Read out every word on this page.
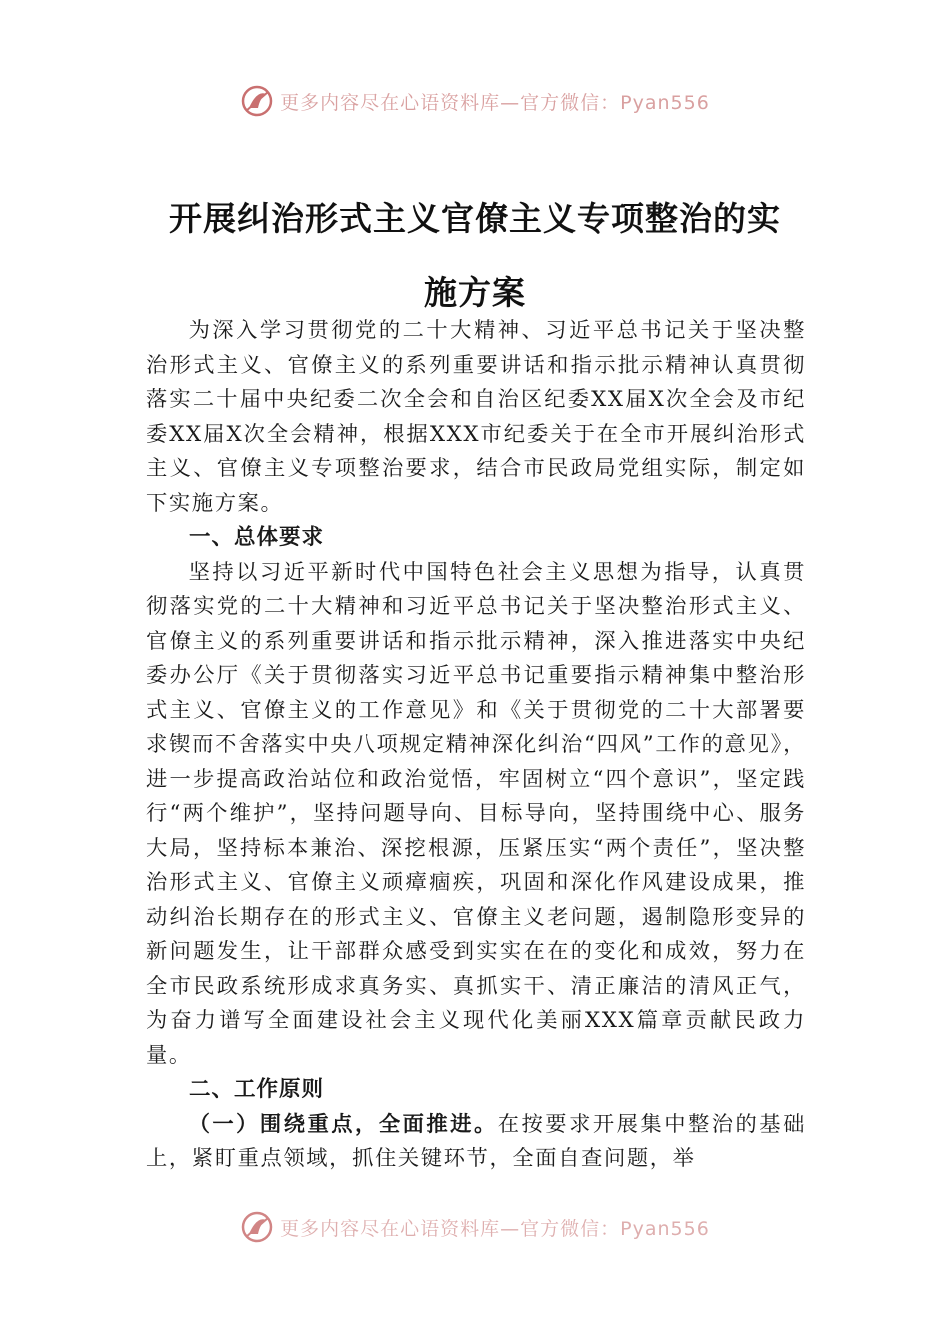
更多内容尽在心语资料库—官方微信：Pyan556
开展纠治形式主义官僚主义专项整治的实
施方案

为深入学习贯彻党的二十大精神、习近平总书记关于坚决整治形式主义、官僚主义的系列重要讲话和指示批示精神认真贯彻落实二十届中央纪委二次全会和自治区纪委XX届X次全会及市纪委XX届X次全会精神，根据XXX市纪委关于在全市开展纠治形式主义、官僚主义专项整治要求，结合市民政局党组实际，制定如下实施方案。

一、总体要求

坚持以习近平新时代中国特色社会主义思想为指导，认真贯彻落实党的二十大精神和习近平总书记关于坚决整治形式主义、官僚主义的系列重要讲话和指示批示精神，深入推进落实中央纪委办公厅《关于贯彻落实习近平总书记重要指示精神集中整治形式主义、官僚主义的工作意见》和《关于贯彻党的二十大部署要求锲而不舍落实中央八项规定精神深化纠治“四风”工作的意见》，进一步提高政治站位和政治觉悟，牢固树立“四个意识”，坚定践行“两个维护”，坚持问题导向、目标导向，坚持围绕中心、服务大局，坚持标本兼治、深挖根源，压紧压实“两个责任”，坚决整治形式主义、官僚主义顽瘴痼疾，巩固和深化作风建设成果，推动纠治长期存在的形式主义、官僚主义老问题，遏制隐形变异的新问题发生，让干部群众感受到实实在在的变化和成效，努力在全市民政系统形成求真务实、真抓实干、清正廉洁的清风正气，为奋力谱写全面建设社会主义现代化美丽XXX篇章贡献民政力量。

二、工作原则

（一）围绕重点，全面推进。在按要求开展集中整治的基础上，紧盯重点领域，抓住关键环节，全面自查问题，举

更多内容尽在心语资料库—官方微信：Pyan556
